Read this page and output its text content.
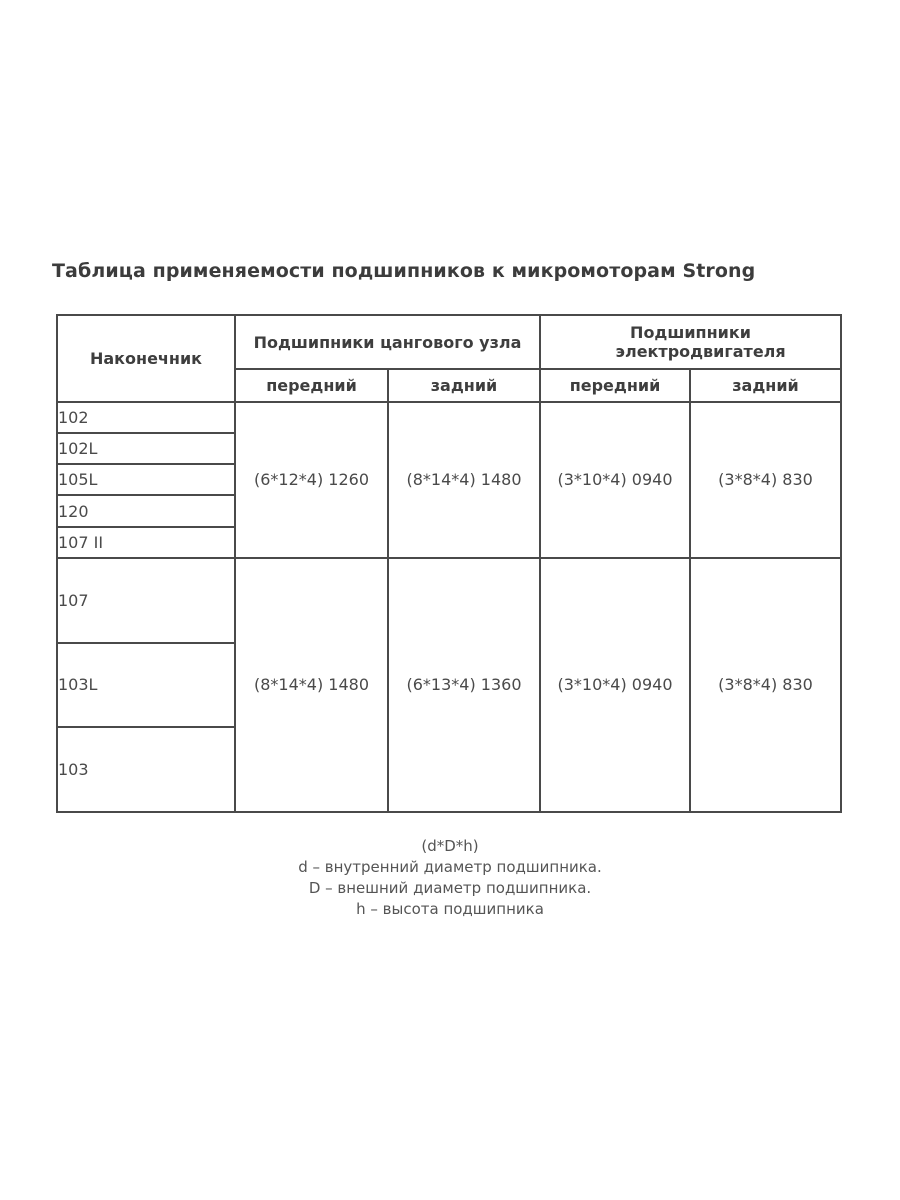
Таблица применяемости подшипников к микромоторам Strong
Наконечник	Подшипники цангового узла		Подшипники электродвигателя	
	передний	задний	передний	задний
102	(6*12*4) 1260	(8*14*4) 1480	(3*10*4) 0940	(3*8*4) 830
102L				
105L				
120				
107 II				
107	(8*14*4) 1480	(6*13*4) 1360	(3*10*4) 0940	(3*8*4) 830
103L				
103				
(d*D*h)
d – внутренний диаметр подшипника.
D – внешний диаметр подшипника.
h – высота подшипника
